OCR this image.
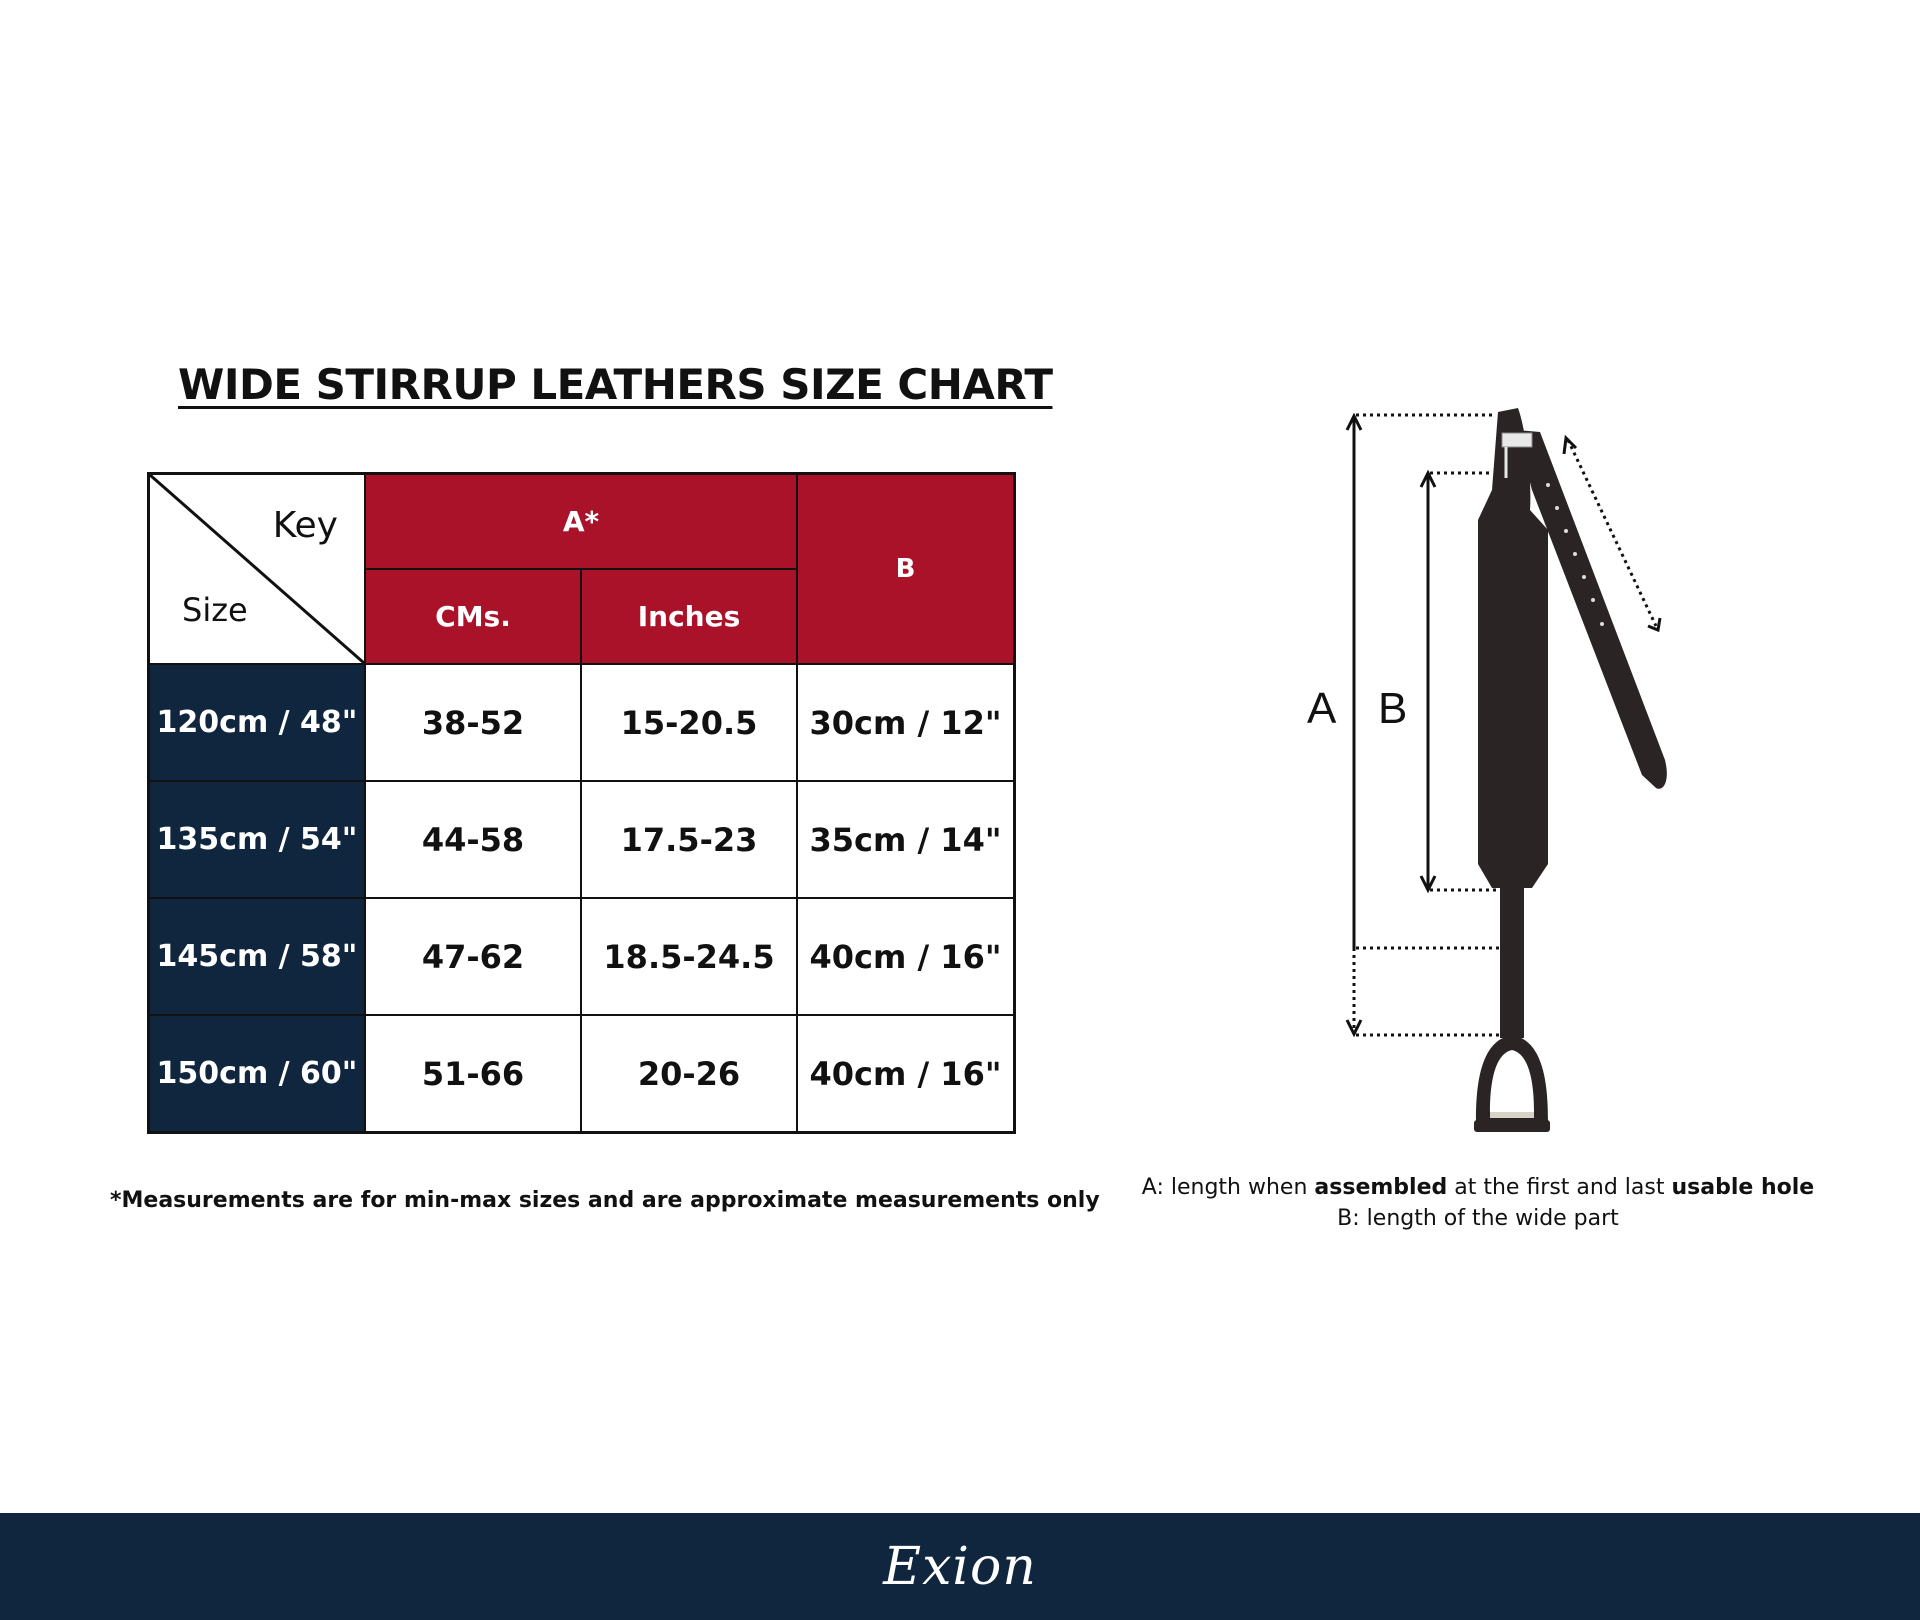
WIDE STIRRUP LEATHERS SIZE CHART
Key
Size	A*		B
	CMs.	Inches	
120cm / 48"	38-52	15-20.5	30cm / 12"
135cm / 54"	44-58	17.5-23	35cm / 14"
145cm / 58"	47-62	18.5-24.5	40cm / 16"
150cm / 60"	51-66	20-26	40cm / 16"
*Measurements are for min-max sizes and are approximate measurements only
A B
A: length when assembled at the first and last usable hole
B: length of the wide part
Exion
